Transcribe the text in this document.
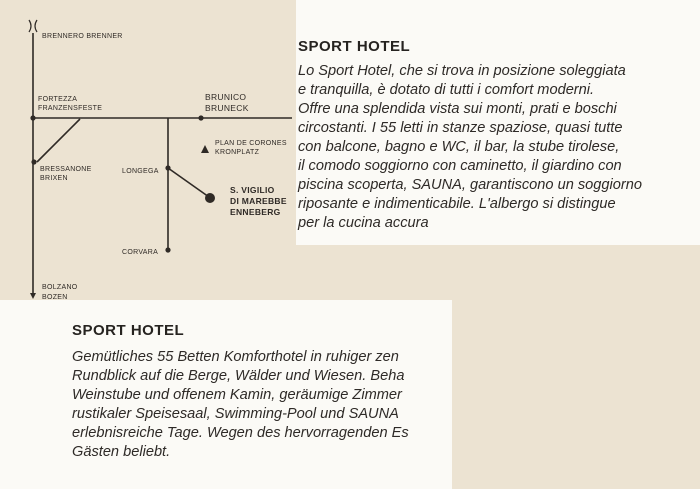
BRENNERO BRENNER
FORTEZZA
FRANZENSFESTE
BRUNICO
BRUNECK
PLAN DE CORONES
KRONPLATZ
BRESSANONE
BRIXEN
LONGEGA
S. VIGILIO
DI MAREBBE
ENNEBERG
CORVARA
BOLZANO
BOZEN
SPORT HOTEL
Lo Sport Hotel, che si trova in posizione soleggiata
e tranquilla, è dotato di tutti i comfort moderni.
Offre una splendida vista sui monti, prati e boschi
circostanti. I 55 letti in stanze spaziose, quasi tutte
con balcone, bagno e WC, il bar, la stube tirolese,
il comodo soggiorno con caminetto, il giardino con
piscina scoperta, SAUNA, garantiscono un soggiorno
riposante e indimenticabile. L'albergo si distingue
per la cucina accura
SPORT HOTEL
Gemütliches 55 Betten Komforthotel in ruhiger zen
Rundblick auf die Berge, Wälder und Wiesen. Beha
Weinstube und offenem Kamin, geräumige Zimmer
rustikaler Speisesaal, Swimming-Pool und SAUNA
erlebnisreiche Tage. Wegen des hervorragenden Es
Gästen beliebt.
